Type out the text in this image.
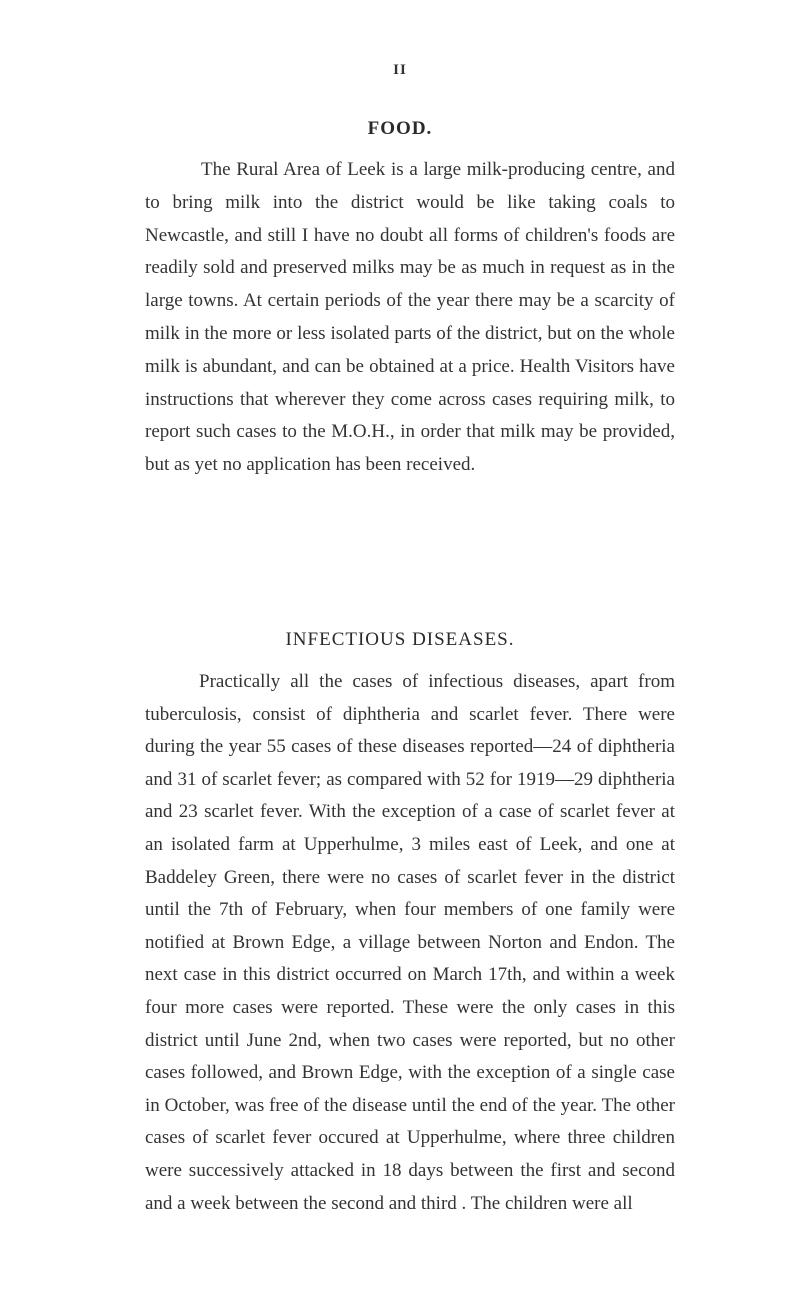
II
FOOD.

The Rural Area of Leek is a large milk-producing centre, and to bring milk into the district would be like taking coals to Newcastle, and still I have no doubt all forms of children's foods are readily sold and preserved milks may be as much in request as in the large towns. At certain periods of the year there may be a scarcity of milk in the more or less isolated parts of the district, but on the whole milk is abundant, and can be obtained at a price. Health Visitors have instructions that wherever they come across cases requiring milk, to report such cases to the M.O.H., in order that milk may be provided, but as yet no application has been received.

INFECTIOUS DISEASES.

Practically all the cases of infectious diseases, apart from tuberculosis, consist of diphtheria and scarlet fever. There were during the year 55 cases of these diseases reported—24 of diphtheria and 31 of scarlet fever; as compared with 52 for 1919—29 diphtheria and 23 scarlet fever. With the exception of a case of scarlet fever at an isolated farm at Upperhulme, 3 miles east of Leek, and one at Baddeley Green, there were no cases of scarlet fever in the district until the 7th of February, when four members of one family were notified at Brown Edge, a village between Norton and Endon. The next case in this district occurred on March 17th, and within a week four more cases were reported. These were the only cases in this district until June 2nd, when two cases were reported, but no other cases followed, and Brown Edge, with the exception of a single case in October, was free of the disease until the end of the year. The other cases of scarlet fever occured at Upperhulme, where three children were successively attacked in 18 days between the first and second and a week between the second and third . The children were all
